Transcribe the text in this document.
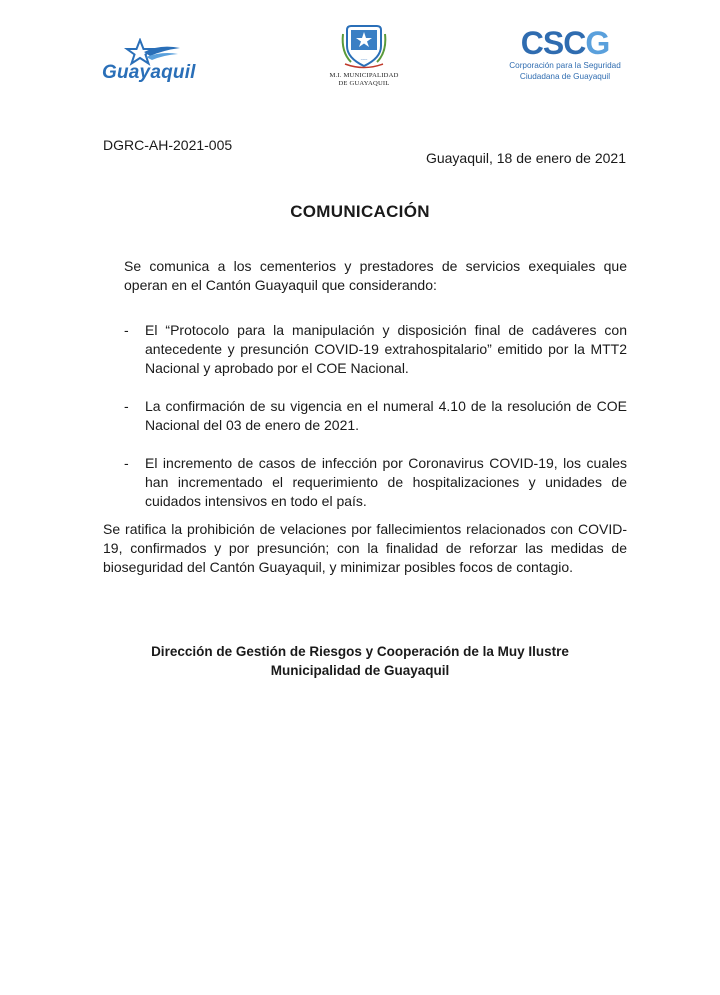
Guayaquil
~~~
M.I. MUNICIPALIDAD
DE GUAYAQUIL
CSCG
Corporación para la Seguridad
Ciudadana de Guayaquil
DGRC-AH-2021-005
Guayaquil, 18 de enero de 2021
COMUNICACIÓN
Se comunica a los cementerios y prestadores de servicios exequiales que operan en el Cantón Guayaquil que considerando:
- El “Protocolo para la manipulación y disposición final de cadáveres con antecedente y presunción COVID-19 extrahospitalario” emitido por la MTT2 Nacional y aprobado por el COE Nacional.
- La confirmación de su vigencia en el numeral 4.10 de la resolución de COE Nacional del 03 de enero de 2021.
- El incremento de casos de infección por Coronavirus COVID-19, los cuales han incrementado el requerimiento de hospitalizaciones y unidades de cuidados intensivos en todo el país.
Se ratifica la prohibición de velaciones por fallecimientos relacionados con COVID-19, confirmados y por presunción; con la finalidad de reforzar las medidas de bioseguridad del Cantón Guayaquil, y minimizar posibles focos de contagio.
Dirección de Gestión de Riesgos y Cooperación de la Muy Ilustre
Municipalidad de Guayaquil
